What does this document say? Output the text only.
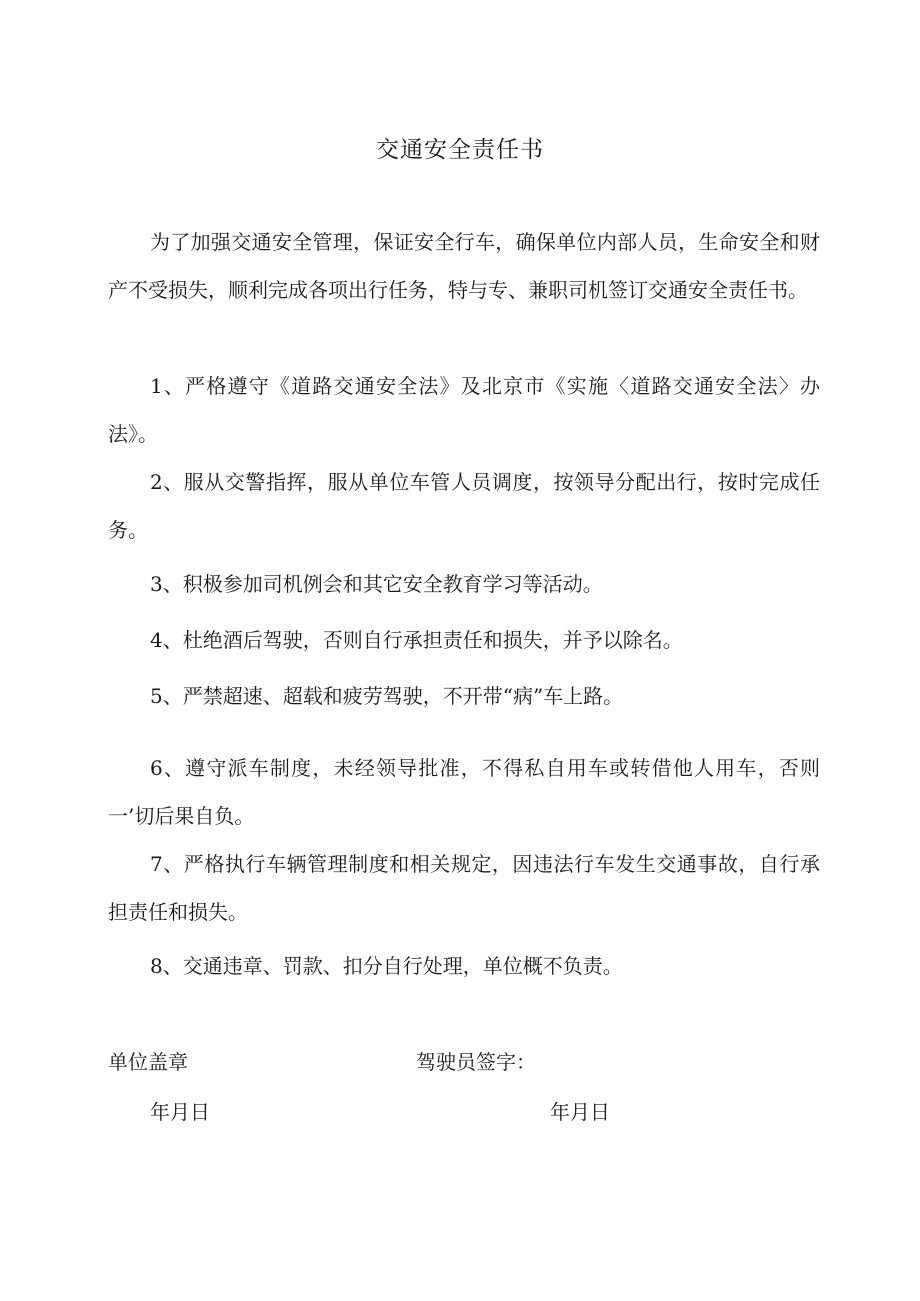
交通安全责任书

为了加强交通安全管理，保证安全行车，确保单位内部人员，生命安全和财产不受损失，顺利完成各项出行任务，特与专、兼职司机签订交通安全责任书。

1、严格遵守《道路交通安全法》及北京市《实施〈道路交通安全法〉办法》。

2、服从交警指挥，服从单位车管人员调度，按领导分配出行，按时完成任务。

3、积极参加司机例会和其它安全教育学习等活动。

4、杜绝酒后驾驶，否则自行承担责任和损失，并予以除名。

5、严禁超速、超载和疲劳驾驶，不开带“病”车上路。

6、遵守派车制度，未经领导批准，不得私自用车或转借他人用车，否则一’切后果自负。

7、严格执行车辆管理制度和相关规定，因违法行车发生交通事故，自行承担责任和损失。

8、交通违章、罚款、扣分自行处理，单位概不负责。

单位盖章	驾驶员签字：
年月日	年月日
